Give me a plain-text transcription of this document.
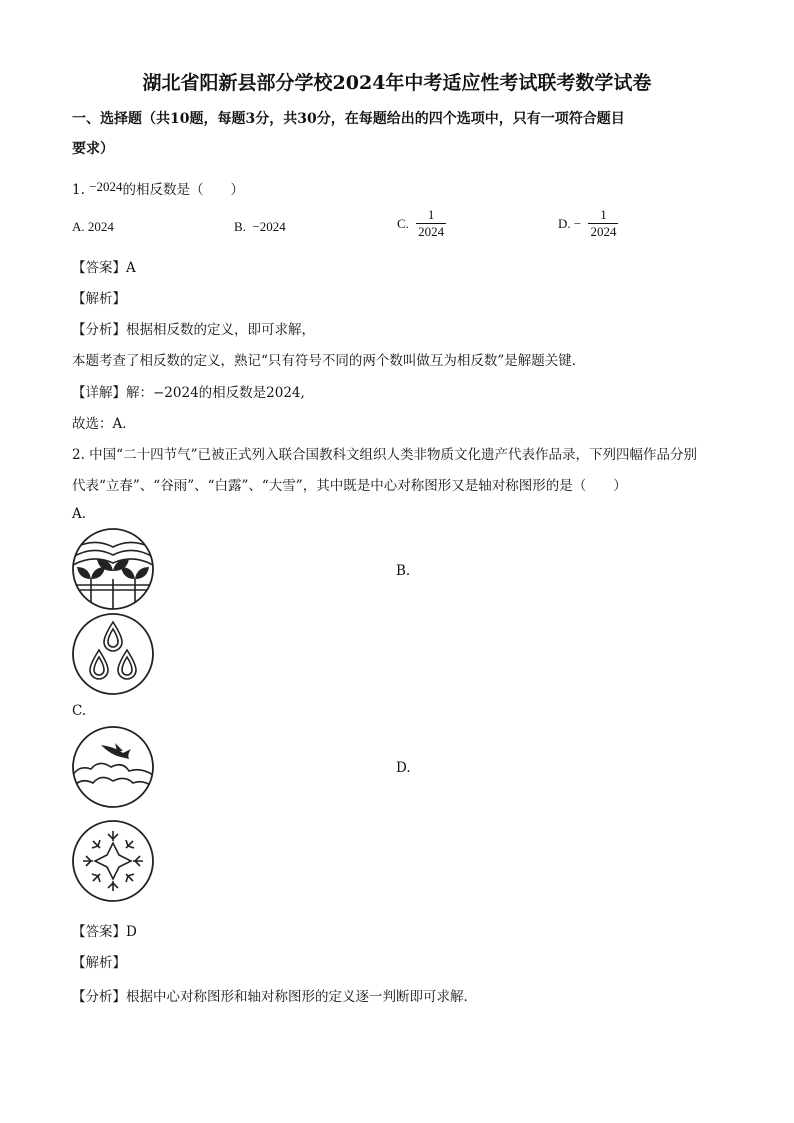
湖北省阳新县部分学校2024年中考适应性考试联考数学试卷
一、选择题（共10题，每题3分，共30分，在每题给出的四个选项中，只有一项符合题目
要求）
1. −2024的相反数是（　　）
A. 2024	B. −2024	C. $\frac{1}{2024}$	D. − $\frac{1}{2024}$
【答案】A
【解析】
【分析】根据相反数的定义，即可求解，
本题考查了相反数的定义，熟记“只有符号不同的两个数叫做互为相反数”是解题关键．
【详解】解：−2024的相反数是2024,
故选：A．
2. 中国“二十四节气”已被正式列入联合国教科文组织人类非物质文化遗产代表作品录，下列四幅作品分别
代表“立春”、“谷雨”、“白露”、“大雪”，其中既是中心对称图形又是轴对称图形的是（　　）
A.
B.
C.
D.
【答案】D
【解析】
【分析】根据中心对称图形和轴对称图形的定义逐一判断即可求解．
